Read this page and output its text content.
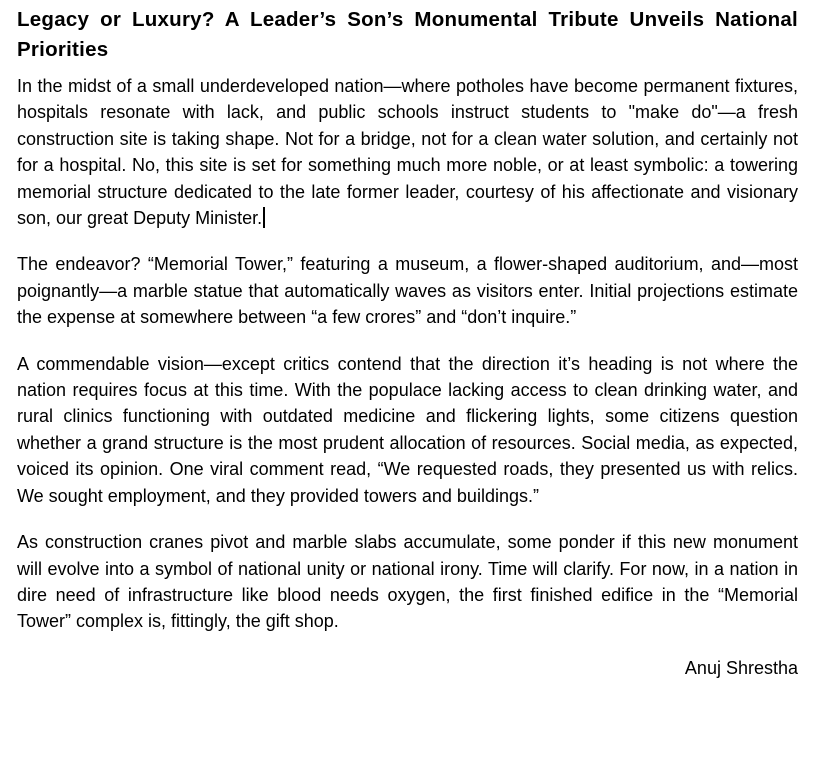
Legacy or Luxury? A Leader’s Son’s Monumental Tribute Unveils National Priorities

In the midst of a small underdeveloped nation—where potholes have become permanent fixtures, hospitals resonate with lack, and public schools instruct students to "make do"—a fresh construction site is taking shape. Not for a bridge, not for a clean water solution, and certainly not for a hospital. No, this site is set for something much more noble, or at least symbolic: a towering memorial structure dedicated to the late former leader, courtesy of his affectionate and visionary son, our great Deputy Minister.

The endeavor? “Memorial Tower,” featuring a museum, a flower-shaped auditorium, and—most poignantly—a marble statue that automatically waves as visitors enter. Initial projections estimate the expense at somewhere between “a few crores” and “don’t inquire.”

A commendable vision—except critics contend that the direction it’s heading is not where the nation requires focus at this time. With the populace lacking access to clean drinking water, and rural clinics functioning with outdated medicine and flickering lights, some citizens question whether a grand structure is the most prudent allocation of resources. Social media, as expected, voiced its opinion. One viral comment read, “We requested roads, they presented us with relics. We sought employment, and they provided towers and buildings.”

As construction cranes pivot and marble slabs accumulate, some ponder if this new monument will evolve into a symbol of national unity or national irony. Time will clarify. For now, in a nation in dire need of infrastructure like blood needs oxygen, the first finished edifice in the “Memorial Tower” complex is, fittingly, the gift shop.

Anuj Shrestha
